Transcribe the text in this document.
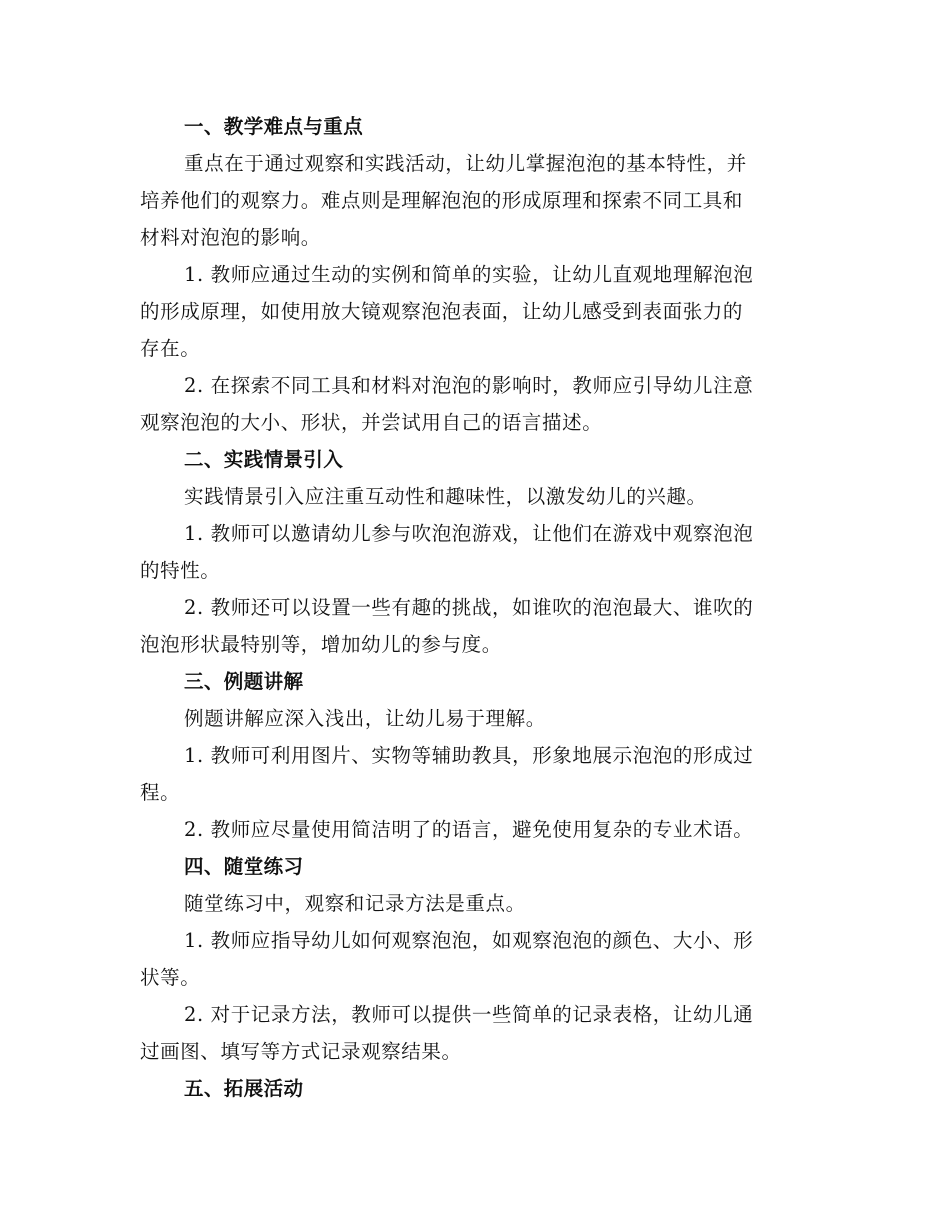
一、教学难点与重点
重点在于通过观察和实践活动，让幼儿掌握泡泡的基本特性，并
培养他们的观察力。难点则是理解泡泡的形成原理和探索不同工具和
材料对泡泡的影响。
1. 教师应通过生动的实例和简单的实验，让幼儿直观地理解泡泡
的形成原理，如使用放大镜观察泡泡表面，让幼儿感受到表面张力的
存在。
2. 在探索不同工具和材料对泡泡的影响时，教师应引导幼儿注意
观察泡泡的大小、形状，并尝试用自己的语言描述。
二、实践情景引入
实践情景引入应注重互动性和趣味性，以激发幼儿的兴趣。
1. 教师可以邀请幼儿参与吹泡泡游戏，让他们在游戏中观察泡泡
的特性。
2. 教师还可以设置一些有趣的挑战，如谁吹的泡泡最大、谁吹的
泡泡形状最特别等，增加幼儿的参与度。
三、例题讲解
例题讲解应深入浅出，让幼儿易于理解。
1. 教师可利用图片、实物等辅助教具，形象地展示泡泡的形成过
程。
2. 教师应尽量使用简洁明了的语言，避免使用复杂的专业术语。
四、随堂练习
随堂练习中，观察和记录方法是重点。
1. 教师应指导幼儿如何观察泡泡，如观察泡泡的颜色、大小、形
状等。
2. 对于记录方法，教师可以提供一些简单的记录表格，让幼儿通
过画图、填写等方式记录观察结果。
五、拓展活动
